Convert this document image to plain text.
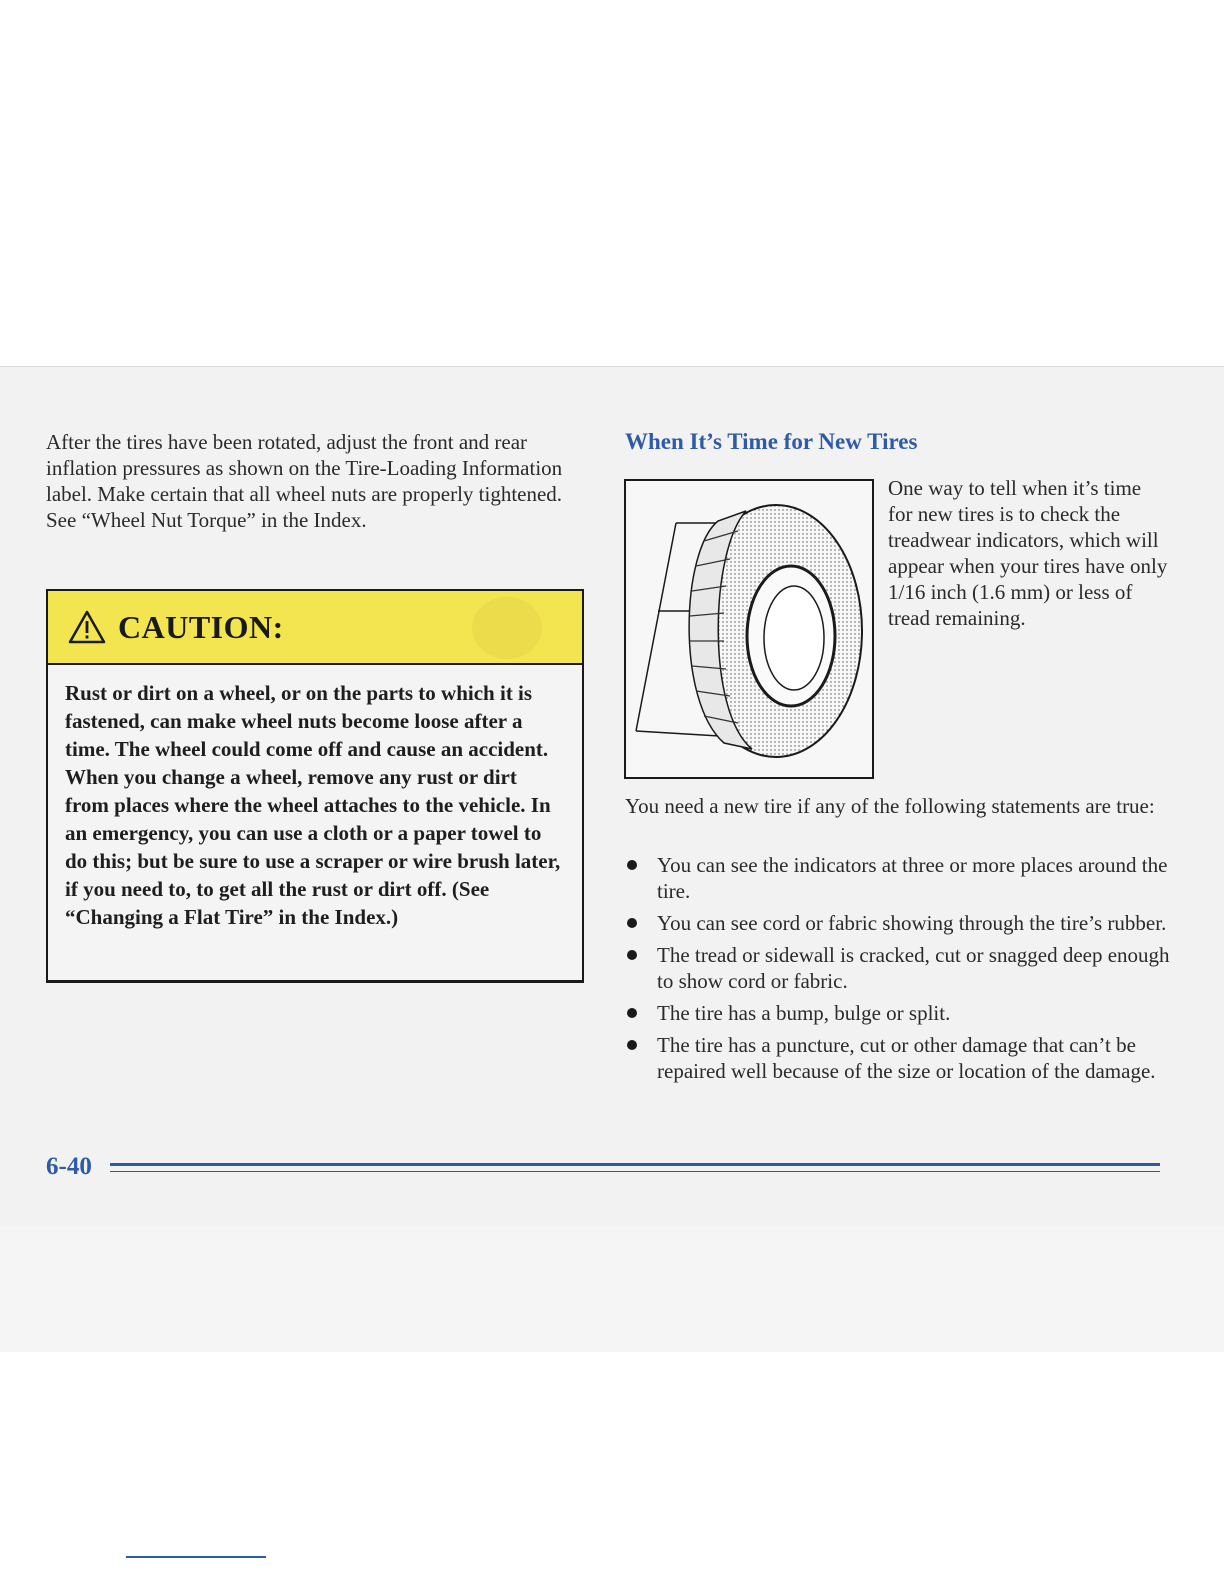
After the tires have been rotated, adjust the front and rear inflation pressures as shown on the Tire-Loading Information label. Make certain that all wheel nuts are properly tightened. See “Wheel Nut Torque” in the Index.

CAUTION:

Rust or dirt on a wheel, or on the parts to which it is fastened, can make wheel nuts become loose after a time. The wheel could come off and cause an accident. When you change a wheel, remove any rust or dirt from places where the wheel attaches to the vehicle. In an emergency, you can use a cloth or a paper towel to do this; but be sure to use a scraper or wire brush later, if you need to, to get all the rust or dirt off. (See “Changing a Flat Tire” in the Index.)

When It’s Time for New Tires

One way to tell when it’s time for new tires is to check the treadwear indicators, which will appear when your tires have only 1/16 inch (1.6 mm) or less of tread remaining.

You need a new tire if any of the following statements are true:

You can see the indicators at three or more places around the tire.
You can see cord or fabric showing through the tire’s rubber.
The tread or sidewall is cracked, cut or snagged deep enough to show cord or fabric.
The tire has a bump, bulge or split.
The tire has a puncture, cut or other damage that can’t be repaired well because of the size or location of the damage.
6-40
